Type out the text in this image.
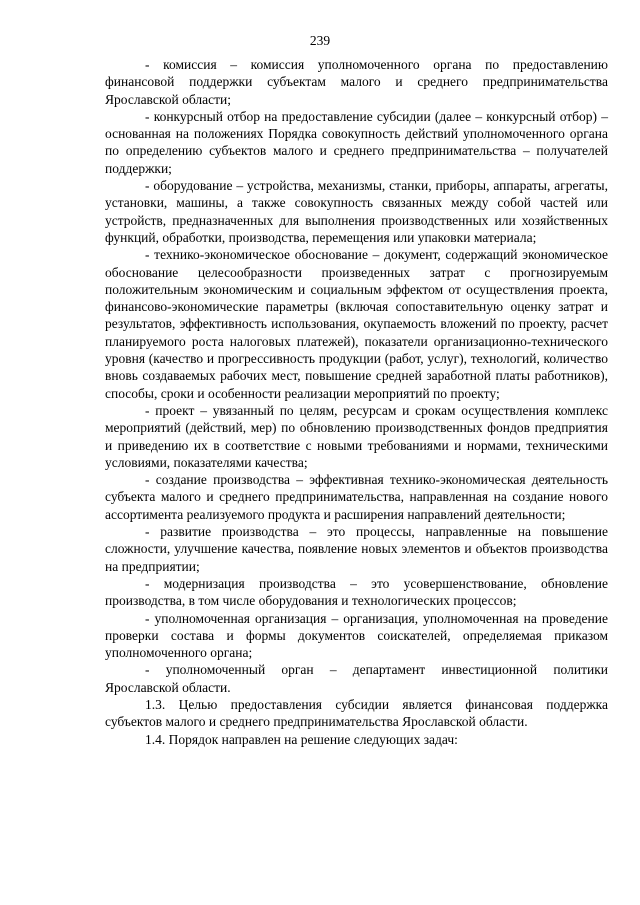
239

- комиссия – комиссия уполномоченного органа по предоставлению финансовой поддержки субъектам малого и среднего предпринимательства Ярославской области;

- конкурсный отбор на предоставление субсидии (далее – конкурсный отбор) – основанная на положениях Порядка совокупность действий уполномоченного органа по определению субъектов малого и среднего предпринимательства – получателей поддержки;

- оборудование – устройства, механизмы, станки, приборы, аппараты, агрегаты, установки, машины, а также совокупность связанных между собой частей или устройств, предназначенных для выполнения производственных или хозяйственных функций, обработки, производства, перемещения или упаковки материала;

- технико-экономическое обоснование – документ, содержащий экономическое обоснование целесообразности произведенных затрат с прогнозируемым положительным экономическим и социальным эффектом от осуществления проекта, финансово-экономические параметры (включая сопоставительную оценку затрат и результатов, эффективность использования, окупаемость вложений по проекту, расчет планируемого роста налоговых платежей), показатели организационно-технического уровня (качество и прогрессивность продукции (работ, услуг), технологий, количество вновь создаваемых рабочих мест, повышение средней заработной платы работников), способы, сроки и особенности реализации мероприятий по проекту;

- проект – увязанный по целям, ресурсам и срокам осуществления комплекс мероприятий (действий, мер) по обновлению производственных фондов предприятия и приведению их в соответствие с новыми требованиями и нормами, техническими условиями, показателями качества;

- создание производства – эффективная технико-экономическая деятельность субъекта малого и среднего предпринимательства, направленная на создание нового ассортимента реализуемого продукта и расширения направлений деятельности;

- развитие производства – это процессы, направленные на повышение сложности, улучшение качества, появление новых элементов и объектов производства на предприятии;

- модернизация производства – это усовершенствование, обновление производства, в том числе оборудования и технологических процессов;

- уполномоченная организация – организация, уполномоченная на проведение проверки состава и формы документов соискателей, определяемая приказом уполномоченного органа;

- уполномоченный орган – департамент инвестиционной политики Ярославской области.

1.3. Целью предоставления субсидии является финансовая поддержка субъектов малого и среднего предпринимательства Ярославской области.

1.4. Порядок направлен на решение следующих задач:
